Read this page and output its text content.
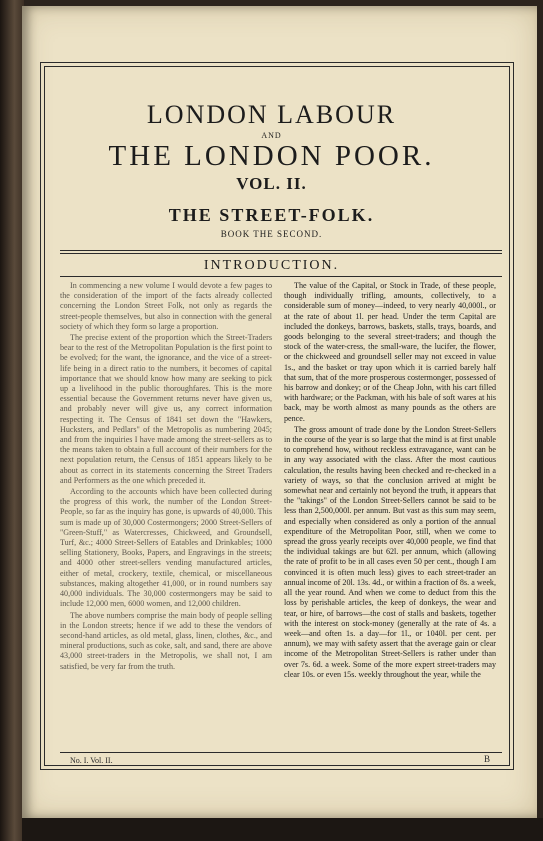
LONDON LABOUR
AND
THE LONDON POOR.
VOL. II.
THE STREET-FOLK.
BOOK THE SECOND.
INTRODUCTION.

In commencing a new volume I would devote a few pages to the consideration of the import of the facts already collected concerning the London Street Folk, not only as regards the street-people themselves, but also in connection with the general society of which they form so large a proportion.

The precise extent of the proportion which the Street-Traders bear to the rest of the Metropolitan Population is the first point to be evolved; for the want, the ignorance, and the vice of a street-life being in a direct ratio to the numbers, it becomes of capital importance that we should know how many are seeking to pick up a livelihood in the public thoroughfares. This is the more essential because the Government returns never have given us, and probably never will give us, any correct information respecting it. The Census of 1841 set down the "Hawkers, Hucksters, and Pedlars" of the Metropolis as numbering 2045; and from the inquiries I have made among the street-sellers as to the means taken to obtain a full account of their numbers for the next population return, the Census of 1851 appears likely to be about as correct in its statements concerning the Street Traders and Performers as the one which preceded it.

According to the accounts which have been collected during the progress of this work, the number of the London Street-People, so far as the inquiry has gone, is upwards of 40,000. This sum is made up of 30,000 Costermongers; 2000 Street-Sellers of "Green-Stuff," as Watercresses, Chickweed, and Groundsell, Turf, &c.; 4000 Street-Sellers of Eatables and Drinkables; 1000 selling Stationery, Books, Papers, and Engravings in the streets; and 4000 other street-sellers vending manufactured articles, either of metal, crockery, textile, chemical, or miscellaneous substances, making altogether 41,000, or in round numbers say 40,000 individuals. The 30,000 costermongers may be said to include 12,000 men, 6000 women, and 12,000 children.

The above numbers comprise the main body of people selling in the London streets; hence if we add to these the vendors of second-hand articles, as old metal, glass, linen, clothes, &c., and mineral productions, such as coke, salt, and sand, there are above 43,000 street-traders in the Metropolis, we shall not, I am satisfied, be very far from the truth.

The value of the Capital, or Stock in Trade, of these people, though individually trifling, amounts, collectively, to a considerable sum of money—indeed, to very nearly 40,000l., or at the rate of about 1l. per head. Under the term Capital are included the donkeys, barrows, baskets, stalls, trays, boards, and goods belonging to the several street-traders; and though the stock of the water-cress, the small-ware, the lucifer, the flower, or the chickweed and groundsell seller may not exceed in value 1s., and the basket or tray upon which it is carried barely half that sum, that of the more prosperous costermonger, possessed of his barrow and donkey; or of the Cheap John, with his cart filled with hardware; or the Packman, with his bale of soft wares at his back, may be worth almost as many pounds as the others are pence.

The gross amount of trade done by the London Street-Sellers in the course of the year is so large that the mind is at first unable to comprehend how, without reckless extravagance, want can be in any way associated with the class. After the most cautious calculation, the results having been checked and re-checked in a variety of ways, so that the conclusion arrived at might be somewhat near and certainly not beyond the truth, it appears that the "takings" of the London Street-Sellers cannot be said to be less than 2,500,000l. per annum. But vast as this sum may seem, and especially when considered as only a portion of the annual expenditure of the Metropolitan Poor, still, when we come to spread the gross yearly receipts over 40,000 people, we find that the individual takings are but 62l. per annum, which (allowing the rate of profit to be in all cases even 50 per cent., though I am convinced it is often much less) gives to each street-trader an annual income of 20l. 13s. 4d., or within a fraction of 8s. a week, all the year round. And when we come to deduct from this the loss by perishable articles, the keep of donkeys, the wear and tear, or hire, of barrows—the cost of stalls and baskets, together with the interest on stock-money (generally at the rate of 4s. a week—and often 1s. a day—for 1l., or 1040l. per cent. per annum), we may with safety assert that the average gain or clear income of the Metropolitan Street-Sellers is rather under than over 7s. 6d. a week. Some of the more expert street-traders may clear 10s. or even 15s. weekly throughout the year, while the

No. I. Vol. II.	B
